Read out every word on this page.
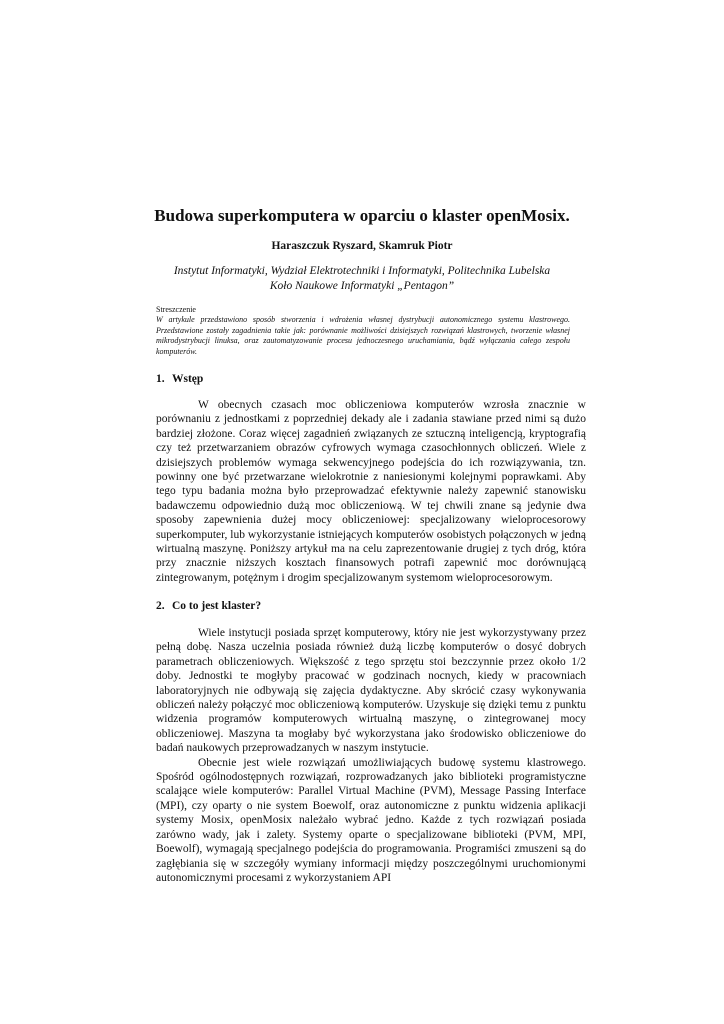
Budowa superkomputera w oparciu o klaster openMosix.
Haraszczuk Ryszard, Skamruk Piotr
Instytut Informatyki, Wydział Elektrotechniki i Informatyki, Politechnika Lubelska
Koło Naukowe Informatyki „Pentagon”
Streszczenie
W artykule przedstawiono sposób stworzenia i wdrożenia własnej dystrybucji autonomicznego systemu klastrowego. Przedstawione zostały zagadnienia takie jak: porównanie możliwości dzisiejszych rozwiązań klastrowych, tworzenie własnej mikrodystrybucji linuksa, oraz zautomatyzowanie procesu jednoczesnego uruchamiania, bądź wyłączania całego zespołu komputerów.
1. Wstęp

W obecnych czasach moc obliczeniowa komputerów wzrosła znacznie w porównaniu z jednostkami z poprzedniej dekady ale i zadania stawiane przed nimi są dużo bardziej złożone. Coraz więcej zagadnień związanych ze sztuczną inteligencją, kryptografią czy też przetwarzaniem obrazów cyfrowych wymaga czasochłonnych obliczeń. Wiele z dzisiejszych problemów wymaga sekwencyjnego podejścia do ich rozwiązywania, tzn. powinny one być przetwarzane wielokrotnie z naniesionymi kolejnymi poprawkami. Aby tego typu badania można było przeprowadzać efektywnie należy zapewnić stanowisku badawczemu odpowiednio dużą moc obliczeniową. W tej chwili znane są jedynie dwa sposoby zapewnienia dużej mocy obliczeniowej: specjalizowany wieloprocesorowy superkomputer, lub wykorzystanie istniejących komputerów osobistych połączonych w jedną wirtualną maszynę. Poniższy artykuł ma na celu zaprezentowanie drugiej z tych dróg, która przy znacznie niższych kosztach finansowych potrafi zapewnić moc dorównującą zintegrowanym, potężnym i drogim specjalizowanym systemom wieloprocesorowym.

2. Co to jest klaster?

Wiele instytucji posiada sprzęt komputerowy, który nie jest wykorzystywany przez pełną dobę. Nasza uczelnia posiada również dużą liczbę komputerów o dosyć dobrych parametrach obliczeniowych. Większość z tego sprzętu stoi bezczynnie przez około 1/2 doby. Jednostki te mogłyby pracować w godzinach nocnych, kiedy w pracowniach laboratoryjnych nie odbywają się zajęcia dydaktyczne. Aby skrócić czasy wykonywania obliczeń należy połączyć moc obliczeniową komputerów. Uzyskuje się dzięki temu z punktu widzenia programów komputerowych wirtualną maszynę, o zintegrowanej mocy obliczeniowej. Maszyna ta mogłaby być wykorzystana jako środowisko obliczeniowe do badań naukowych przeprowadzanych w naszym instytucie.

Obecnie jest wiele rozwiązań umożliwiających budowę systemu klastrowego. Spośród ogólnodostępnych rozwiązań, rozprowadzanych jako biblioteki programistyczne scalające wiele komputerów: Parallel Virtual Machine (PVM), Message Passing Interface (MPI), czy oparty o nie system Boewolf, oraz autonomiczne z punktu widzenia aplikacji systemy Mosix, openMosix należało wybrać jedno. Każde z tych rozwiązań posiada zarówno wady, jak i zalety. Systemy oparte o specjalizowane biblioteki (PVM, MPI, Boewolf), wymagają specjalnego podejścia do programowania. Programiści zmuszeni są do zagłębiania się w szczegóły wymiany informacji między poszczególnymi uruchomionymi autonomicznymi procesami z wykorzystaniem API
